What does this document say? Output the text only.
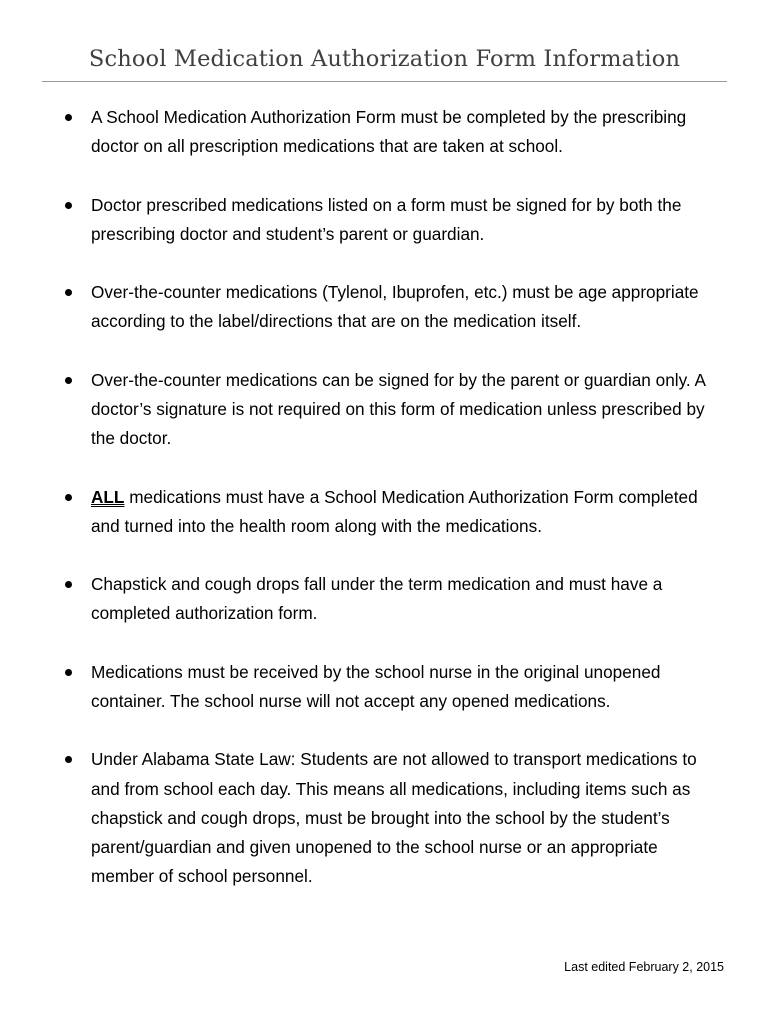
School Medication Authorization Form Information
A School Medication Authorization Form must be completed by the prescribing doctor on all prescription medications that are taken at school.
Doctor prescribed medications listed on a form must be signed for by both the prescribing doctor and student’s parent or guardian.
Over-the-counter medications (Tylenol, Ibuprofen, etc.) must be age appropriate according to the label/directions that are on the medication itself.
Over-the-counter medications can be signed for by the parent or guardian only. A doctor’s signature is not required on this form of medication unless prescribed by the doctor.
ALL medications must have a School Medication Authorization Form completed and turned into the health room along with the medications.
Chapstick and cough drops fall under the term medication and must have a completed authorization form.
Medications must be received by the school nurse in the original unopened container. The school nurse will not accept any opened medications.
Under Alabama State Law: Students are not allowed to transport medications to and from school each day. This means all medications, including items such as chapstick and cough drops, must be brought into the school by the student’s parent/guardian and given unopened to the school nurse or an appropriate member of school personnel.

Last edited February 2, 2015
